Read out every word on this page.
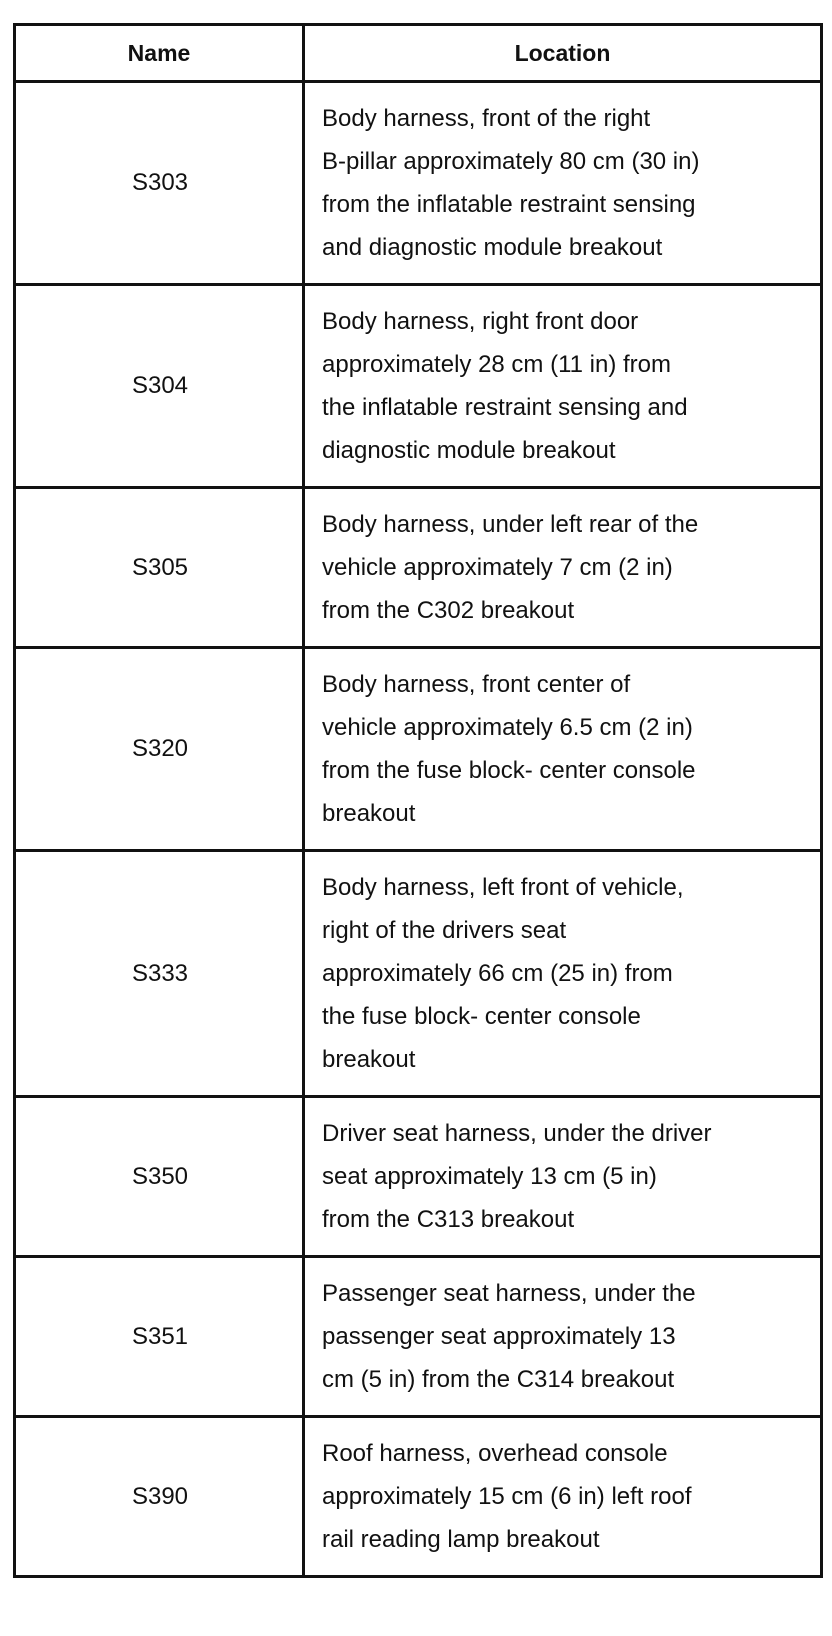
Name	Location
S303	Body harness, front of the right
B-pillar approximately 80 cm (30 in)
from the inflatable restraint sensing
and diagnostic module breakout

S304	Body harness, right front door
approximately 28 cm (11 in) from
the inflatable restraint sensing and
diagnostic module breakout

S305	Body harness, under left rear of the
vehicle approximately 7 cm (2 in)
from the C302 breakout

S320	Body harness, front center of
vehicle approximately 6.5 cm (2 in)
from the fuse block- center console
breakout

S333	Body harness, left front of vehicle,
right of the drivers seat
approximately 66 cm (25 in) from
the fuse block- center console
breakout

S350	Driver seat harness, under the driver
seat approximately 13 cm (5 in)
from the C313 breakout

S351	Passenger seat harness, under the
passenger seat approximately 13
cm (5 in) from the C314 breakout

S390	Roof harness, overhead console
approximately 15 cm (6 in) left roof
rail reading lamp breakout
